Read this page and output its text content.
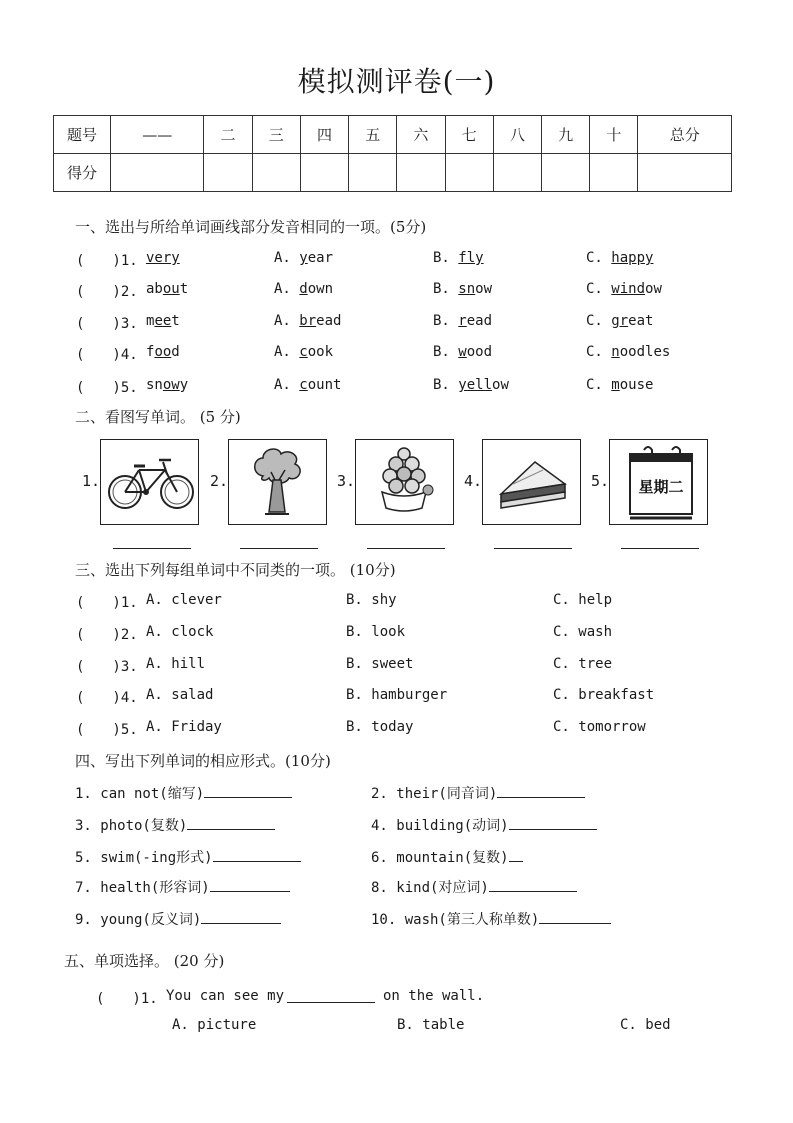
模拟测评卷(一)
题号	——	二	三	四	五	六	七	八	九	十	总分
得分											
一、选出与所给单词画线部分发音相同的一项。(5分)
(　　)1. very	A. year	B. fly	C. happy
(　　)2. about	A. down	B. snow	C. window
(　　)3. meet	A. bread	B. read	C. great
(　　)4. food	A. cook	B. wood	C. noodles
(　　)5. snowy	A. count	B. yellow	C. mouse
二、看图写单词。 (5 分)
1.	2.	3.	4.	5. 星期二
三、选出下列每组单词中不同类的一项。 (10分)
(　　)1. A. clever	B. shy	C. help
(　　)2. A. clock	B. look	C. wash
(　　)3. A. hill	B. sweet	C. tree
(　　)4. A. salad	B. hamburger	C. breakfast
(　　)5. A. Friday	B. today	C. tomorrow
四、写出下列单词的相应形式。(10分)
1. can not(缩写)	2. their(同音词)
3. photo(复数)	4. building(动词)
5. swim(-ing形式)	6. mountain(复数)
7. health(形容词)	8. kind(对应词)
9. young(反义词)	10. wash(第三人称单数)
五、单项选择。 (20 分)
(　　)1. You can see my	on the wall.
A. picture	B. table	C. bed
